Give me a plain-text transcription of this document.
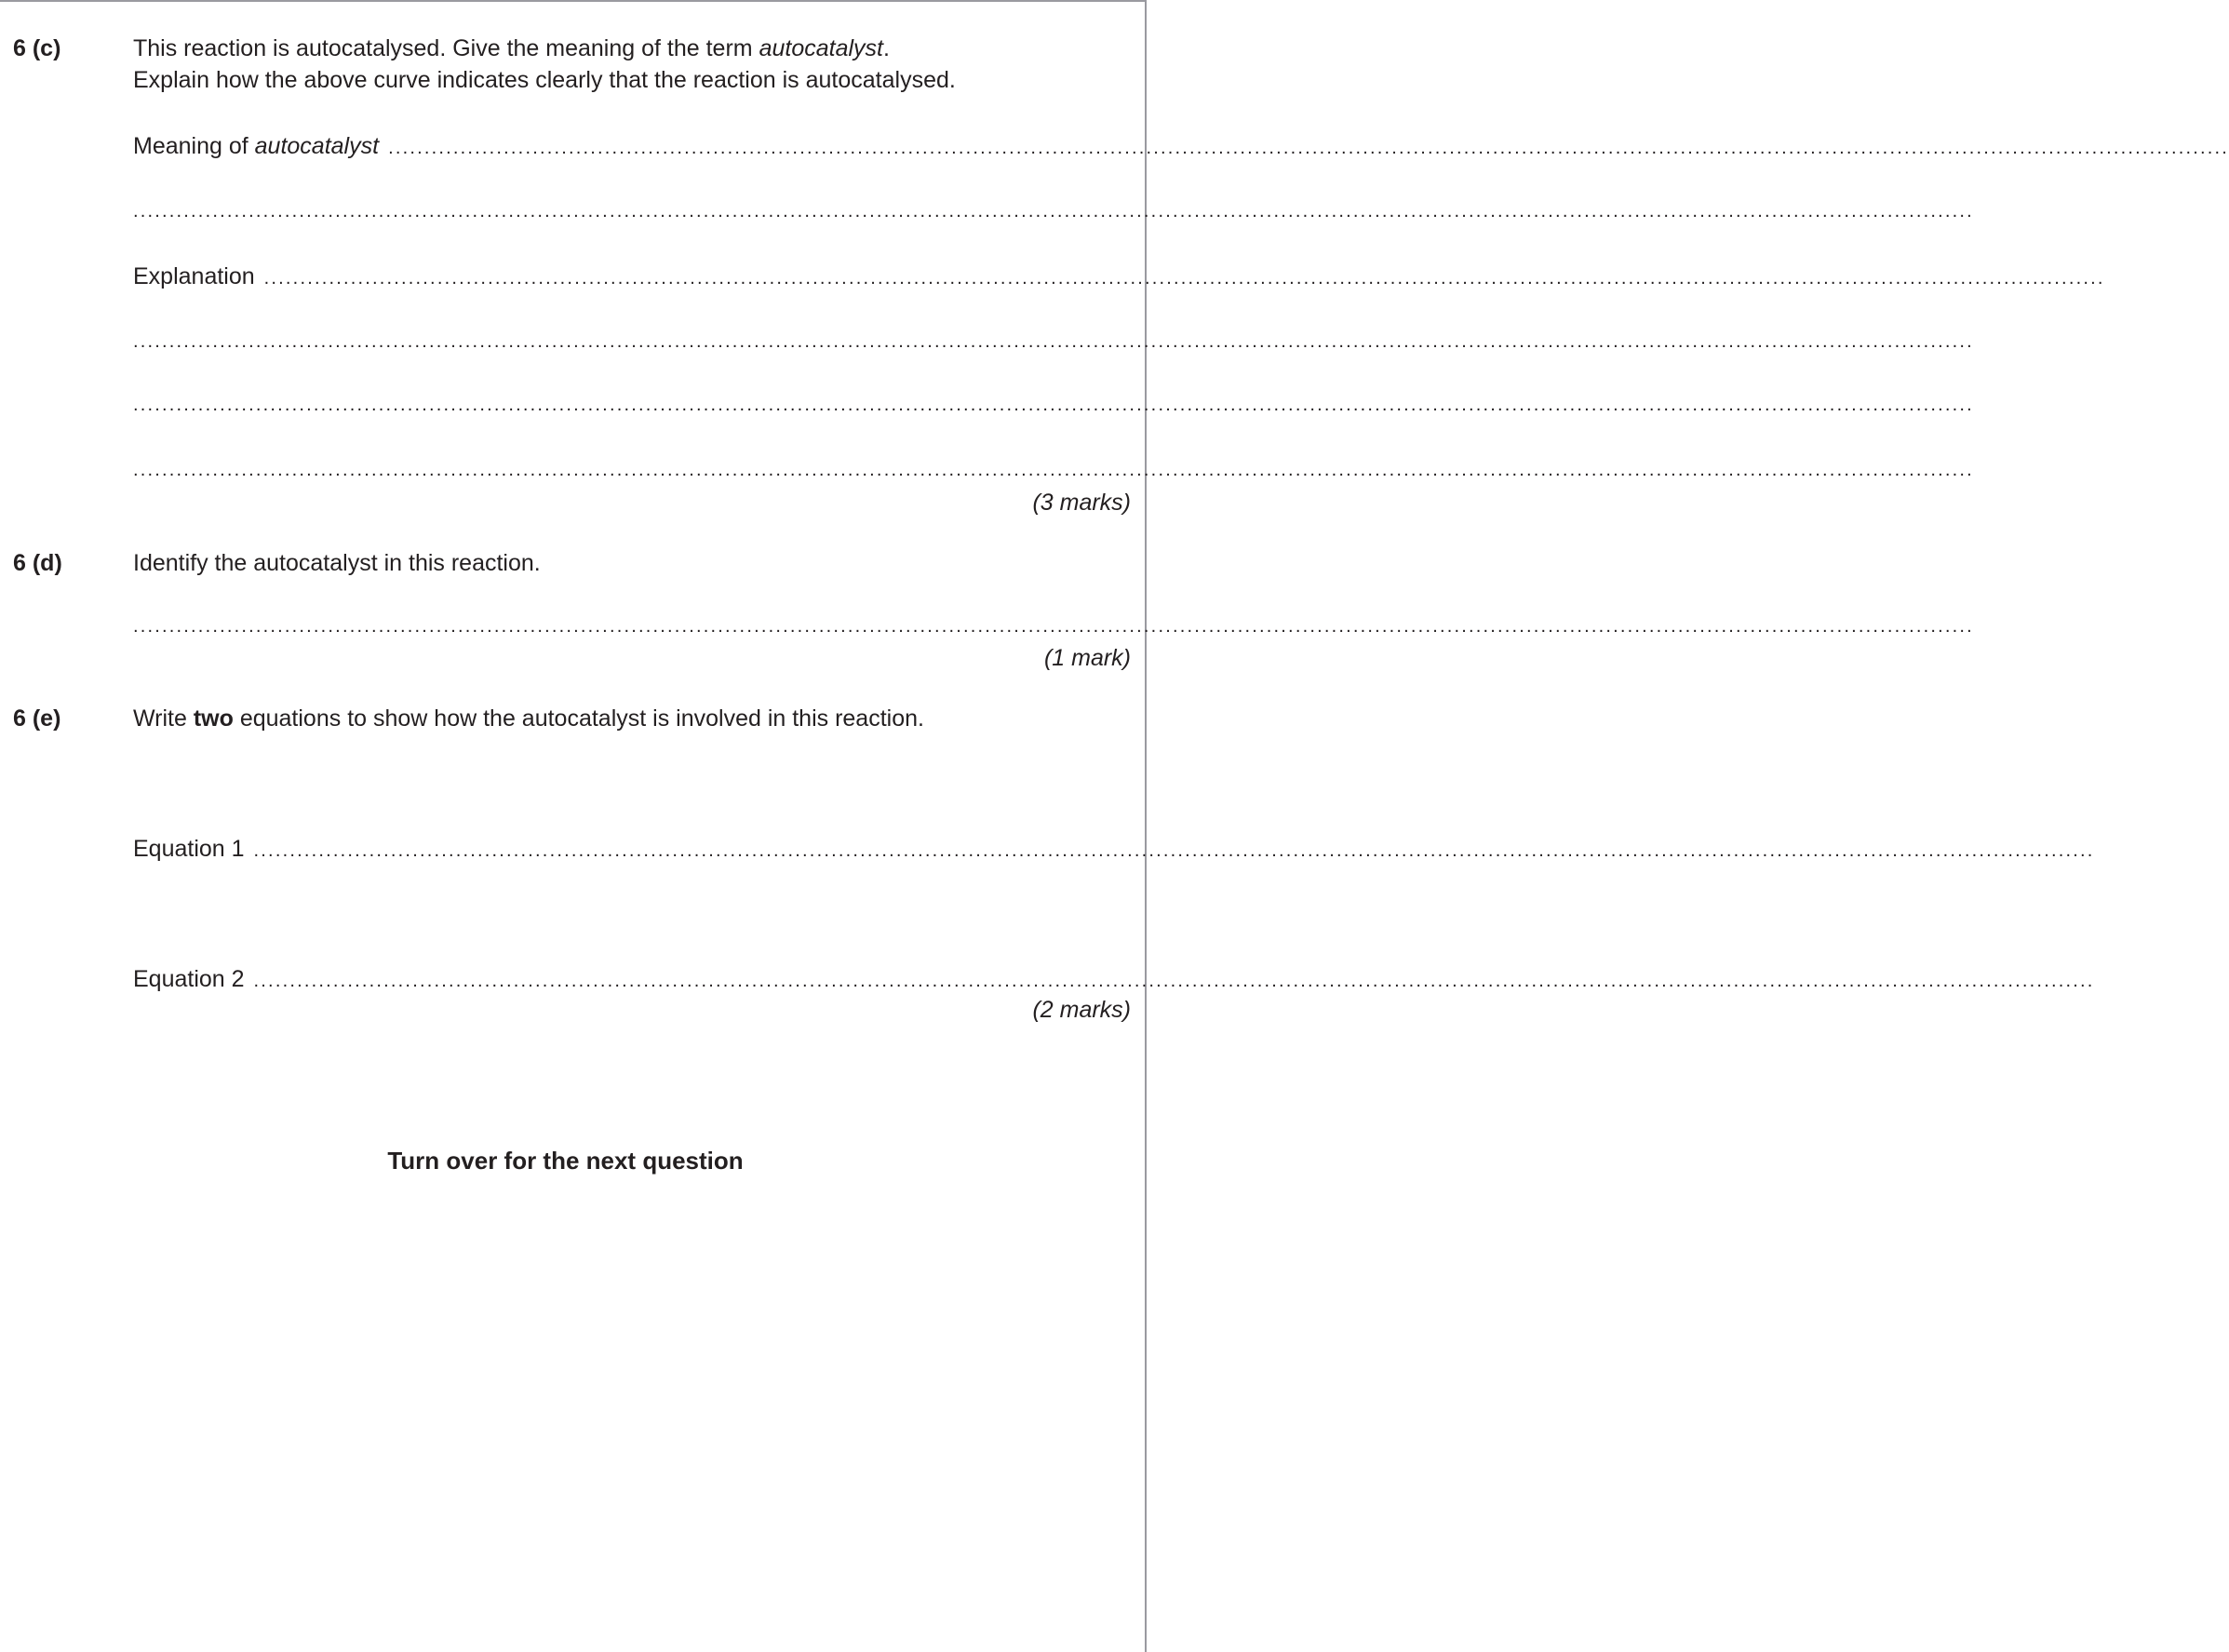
6 (c)	This reaction is autocatalysed. Give the meaning of the term autocatalyst.
Explain how the above curve indicates clearly that the reaction is autocatalysed.
Meaning of autocatalyst ...............................................................................................................................................................................................................................................................
...............................................................................................................................................................................................................................................................
Explanation ...............................................................................................................................................................................................................................................................
...............................................................................................................................................................................................................................................................
...............................................................................................................................................................................................................................................................
...............................................................................................................................................................................................................................................................
(3 marks)
6 (d)	Identify the autocatalyst in this reaction.
...............................................................................................................................................................................................................................................................
(1 mark)
6 (e)	Write two equations to show how the autocatalyst is involved in this reaction.
Equation 1 ...............................................................................................................................................................................................................................................................
Equation 2 ...............................................................................................................................................................................................................................................................
(2 marks)
Turn over for the next question
